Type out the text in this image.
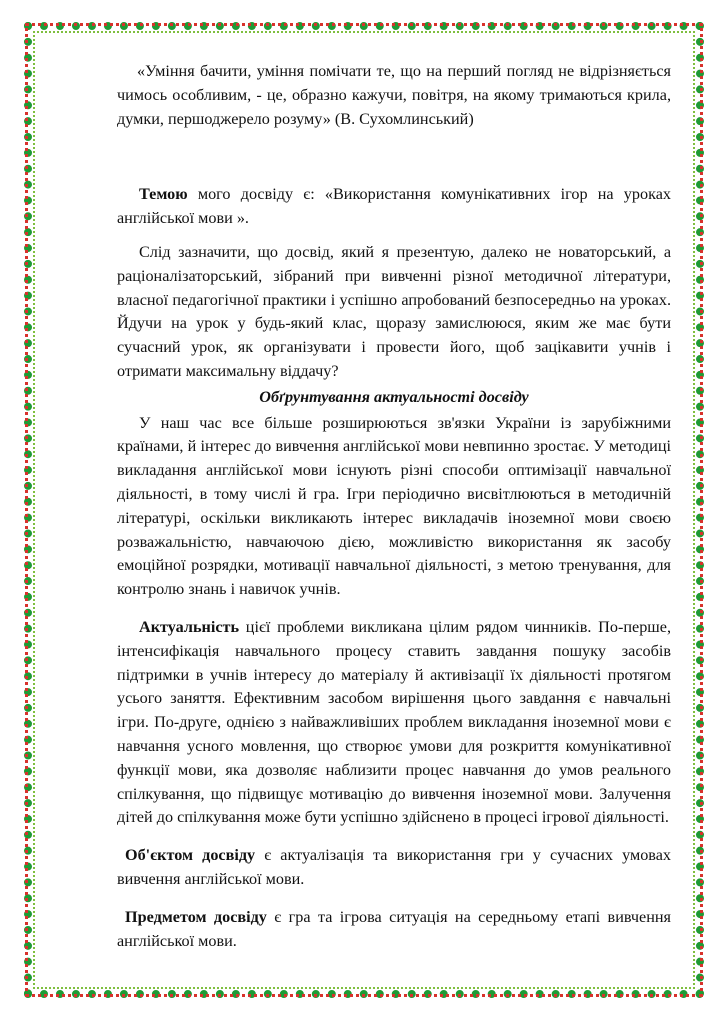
«Уміння бачити, уміння помічати те, що на перший погляд не відрізняється чимось особливим, - це, образно кажучи, повітря, на якому тримаються крила, думки, першоджерело розуму» (В. Сухомлинський)

Темою мого досвіду є: «Використання комунікативних ігор на уроках англійської мови ».

Слід зазначити, що досвід, який я презентую, далеко не новаторський, а раціоналізаторський, зібраний при вивченні різної методичної літератури, власної педагогічної практики і успішно апробований безпосередньо на уроках. Йдучи на урок у будь-який клас, щоразу замислююся, яким же має бути сучасний урок, як організувати і провести його, щоб зацікавити учнів і отримати максимальну віддачу?

Обґрунтування актуальності досвіду

У наш час все більше розширюються зв'язки України із зарубіжними країнами, й інтерес до вивчення англійської мови невпинно зростає. У методиці викладання англійської мови існують різні способи оптимізації навчальної діяльності, в тому числі й гра. Ігри періодично висвітлюються в методичній літературі, оскільки викликають інтерес викладачів іноземної мови своєю розважальністю, навчаючою дією, можливістю використання як засобу емоційної розрядки, мотивації навчальної діяльності, з метою тренування, для контролю знань і навичок учнів.

Актуальність цієї проблеми викликана цілим рядом чинників. По-перше, інтенсифікація навчального процесу ставить завдання пошуку засобів підтримки в учнів інтересу до матеріалу й активізації їх діяльності протягом усього заняття. Ефективним засобом вирішення цього завдання є навчальні ігри. По-друге, однією з найважливіших проблем викладання іноземної мови є навчання усного мовлення, що створює умови для розкриття комунікативної функції мови, яка дозволяє наблизити процес навчання до умов реального спілкування, що підвищує мотивацію до вивчення іноземної мови. Залучення дітей до спілкування може бути успішно здійснено в процесі ігрової діяльності.

Об'єктом досвіду є актуалізація та використання гри у сучасних умовах вивчення англійської мови.

Предметом досвіду є гра та ігрова ситуація на середньому етапі вивчення англійської мови.
